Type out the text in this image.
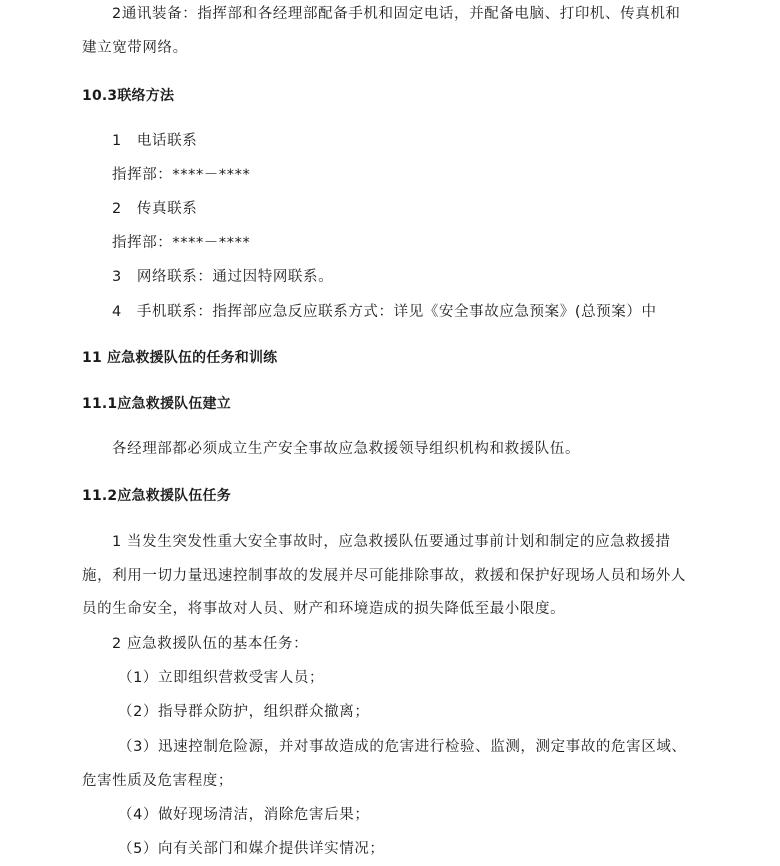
2通讯装备：指挥部和各经理部配备手机和固定电话，并配备电脑、打印机、传真机和
建立宽带网络。
10.3联络方法
1　电话联系
指挥部：****－****
2　传真联系
指挥部：****－****
3　网络联系：通过因特网联系。
4　手机联系：指挥部应急反应联系方式：详见《安全事故应急预案》(总预案）中
11 应急救援队伍的任务和训练
11.1应急救援队伍建立
各经理部都必须成立生产安全事故应急救援领导组织机构和救援队伍。
11.2应急救援队伍任务
1 当发生突发性重大安全事故时，应急救援队伍要通过事前计划和制定的应急救援措
施，利用一切力量迅速控制事故的发展并尽可能排除事故，救援和保护好现场人员和场外人
员的生命安全，将事故对人员、财产和环境造成的损失降低至最小限度。
2 应急救援队伍的基本任务：
（1）立即组织营救受害人员；
（2）指导群众防护，组织群众撤离；
（3）迅速控制危险源，并对事故造成的危害进行检验、监测，测定事故的危害区域、
危害性质及危害程度；
（4）做好现场清洁，消除危害后果；
（5）向有关部门和媒介提供详实情况；
